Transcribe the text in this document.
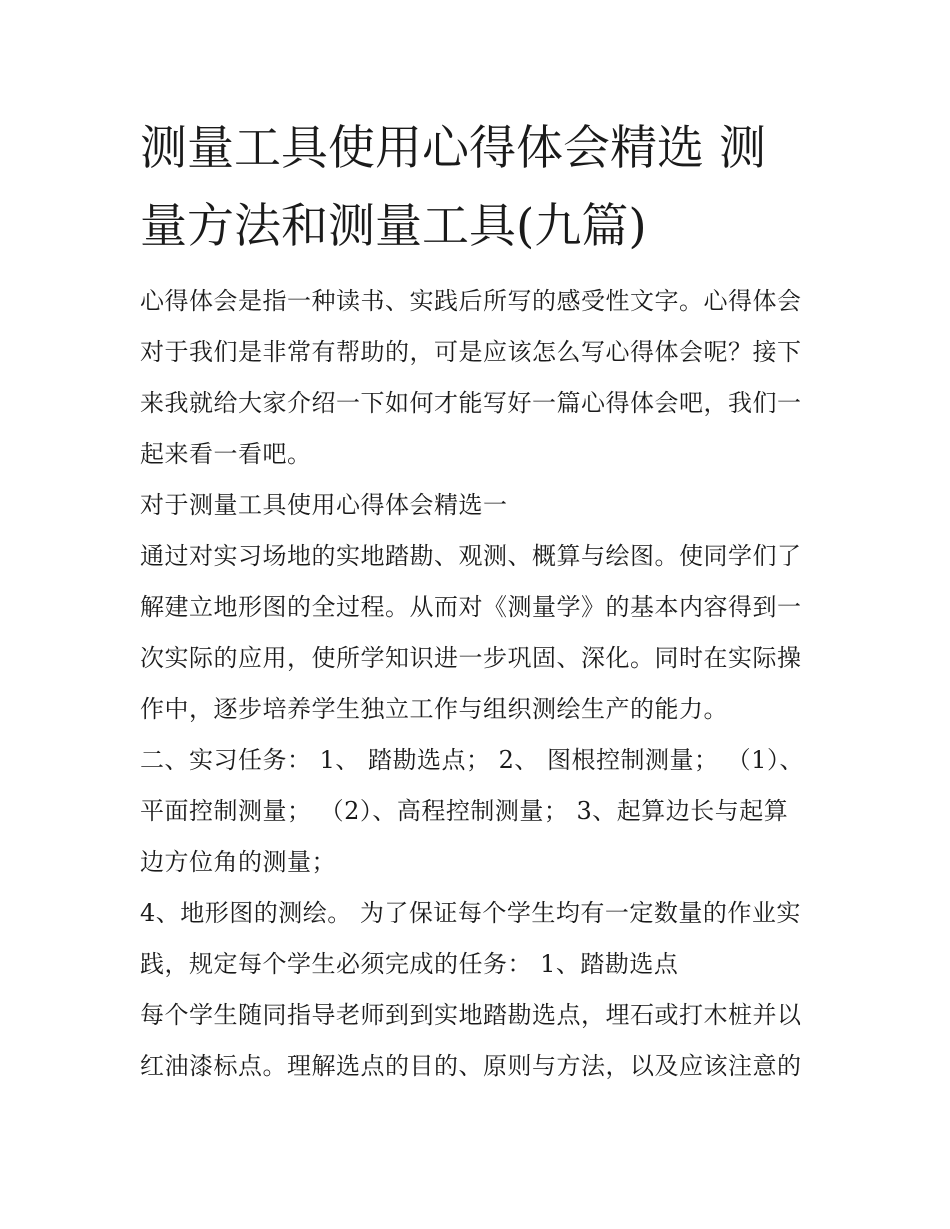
测量工具使用心得体会精选 测量方法和测量工具(九篇)

心得体会是指一种读书、实践后所写的感受性文字。心得体会对于我们是非常有帮助的，可是应该怎么写心得体会呢？接下来我就给大家介绍一下如何才能写好一篇心得体会吧，我们一起来看一看吧。

对于测量工具使用心得体会精选一

通过对实习场地的实地踏勘、观测、概算与绘图。使同学们了解建立地形图的全过程。从而对《测量学》的基本内容得到一次实际的应用，使所学知识进一步巩固、深化。同时在实际操作中，逐步培养学生独立工作与组织测绘生产的能力。

二、实习任务： 1、 踏勘选点； 2、 图根控制测量； （1）、平面控制测量； （2）、高程控制测量； 3、起算边长与起算边方位角的测量；

4、地形图的测绘。 为了保证每个学生均有一定数量的作业实践，规定每个学生必须完成的任务： 1、踏勘选点

每个学生随同指导老师到到实地踏勘选点，埋石或打木桩并以红油漆标点。理解选点的目的、原则与方法，以及应该注意的
